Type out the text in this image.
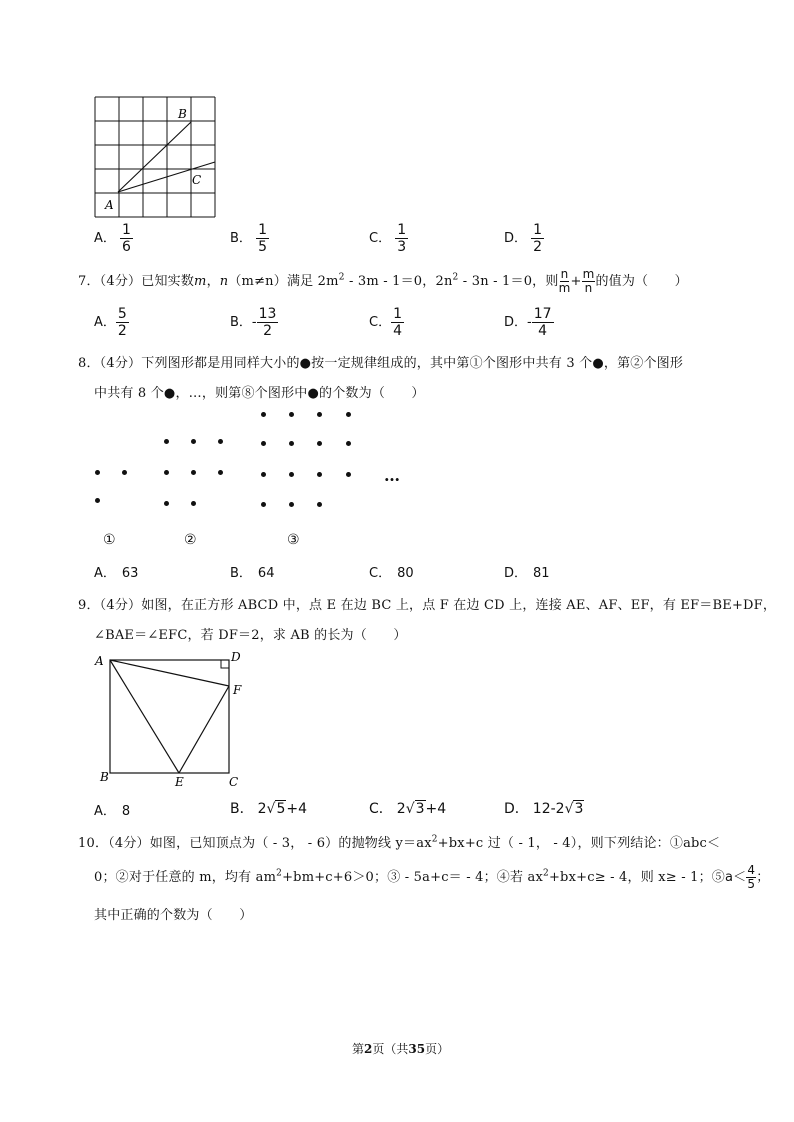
B
C
A
A． $\frac{1}{6}$	B． $\frac{1}{5}$	C． $\frac{1}{3}$	D． $\frac{1}{2}$
7．（4分）已知实数m，n（m≠n）满足 $2m^2 - 3m - 1=0$，$2n^2 - 3n - 1=0$，则 $\frac{n}{m} + \frac{m}{n}$ 的值为（　　）
A． $\frac{5}{2}$	B．- $\frac{13}{2}$	C． $\frac{1}{4}$	D．- $\frac{17}{4}$
8．（4分）下列图形都是用同样大小的●按一定规律组成的，其中第①个图形中共有 3 个●，第②个图形
中共有 8 个●，…，则第⑧个图形中●的个数为（　　）
…
①	②	③
A． 63	B． 64	C． 80	D． 81
9．（4分）如图，在正方形 ABCD 中，点 E 在边 BC 上，点 F 在边 CD 上，连接 AE、AF、EF，有 EF＝BE+DF，
∠BAE＝∠EFC，若 DF＝2，求 AB 的长为（　　）
A	D
F
B	E	C
A． 8	B． 2√5+4	C． 2√3+4	D． 12-2√3
10．（4分）如图，已知顶点为（ - 3， - 6）的抛物线 $y=ax^2+bx+c$ 过（ - 1， - 4），则下列结论：①abc＜
0；②对于任意的 m，均有 $am^2+bm+c+6>0$；③ - 5a+c＝ - 4；④若 $ax^2+bx+c\ge - 4$，则 x≥ - 1；⑤a＜ $\frac{4}{5}$ ；
其中正确的个数为（　　）
第2页（共35页）
